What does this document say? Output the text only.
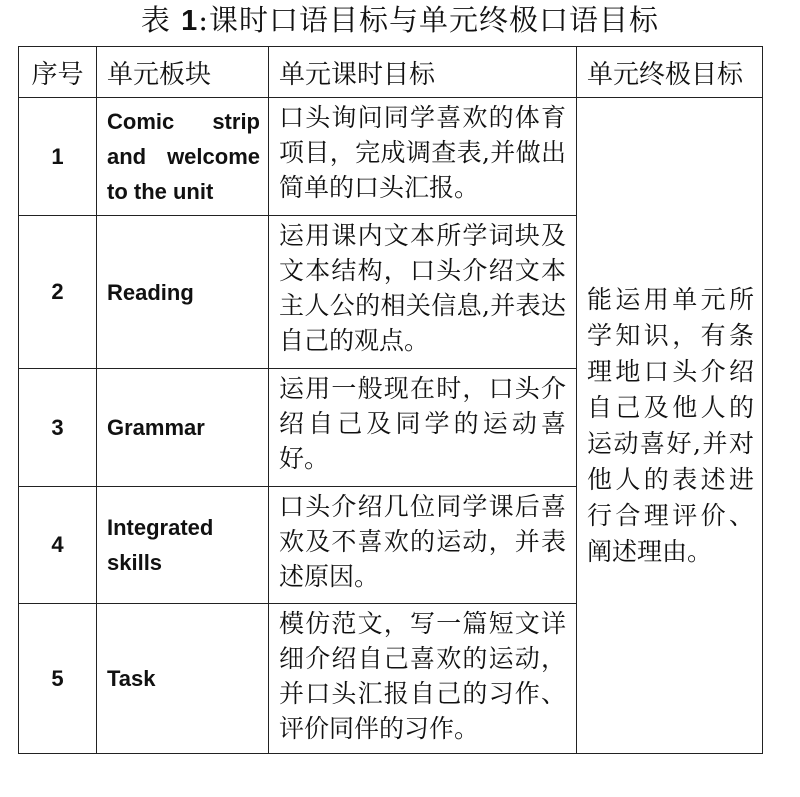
表 1:课时口语目标与单元终极口语目标
序号	单元板块	单元课时目标	单元终极目标
1	Comic strip
and welcome
to the unit	口头询问同学喜欢的体育项目，完成调查表,并做出简单的口头汇报。	能运用单元所学知识，有条理地口头介绍自己及他人的运动喜好,并对他人的表述进行合理评价、阐述理由。
2	Reading	运用课内文本所学词块及文本结构，口头介绍文本主人公的相关信息,并表达自己的观点。	
3	Grammar	运用一般现在时，口头介绍自己及同学的运动喜好。	
4	Integrated
skills	口头介绍几位同学课后喜欢及不喜欢的运动，并表述原因。	
5	Task	模仿范文，写一篇短文详细介绍自己喜欢的运动，并口头汇报自己的习作、评价同伴的习作。	
